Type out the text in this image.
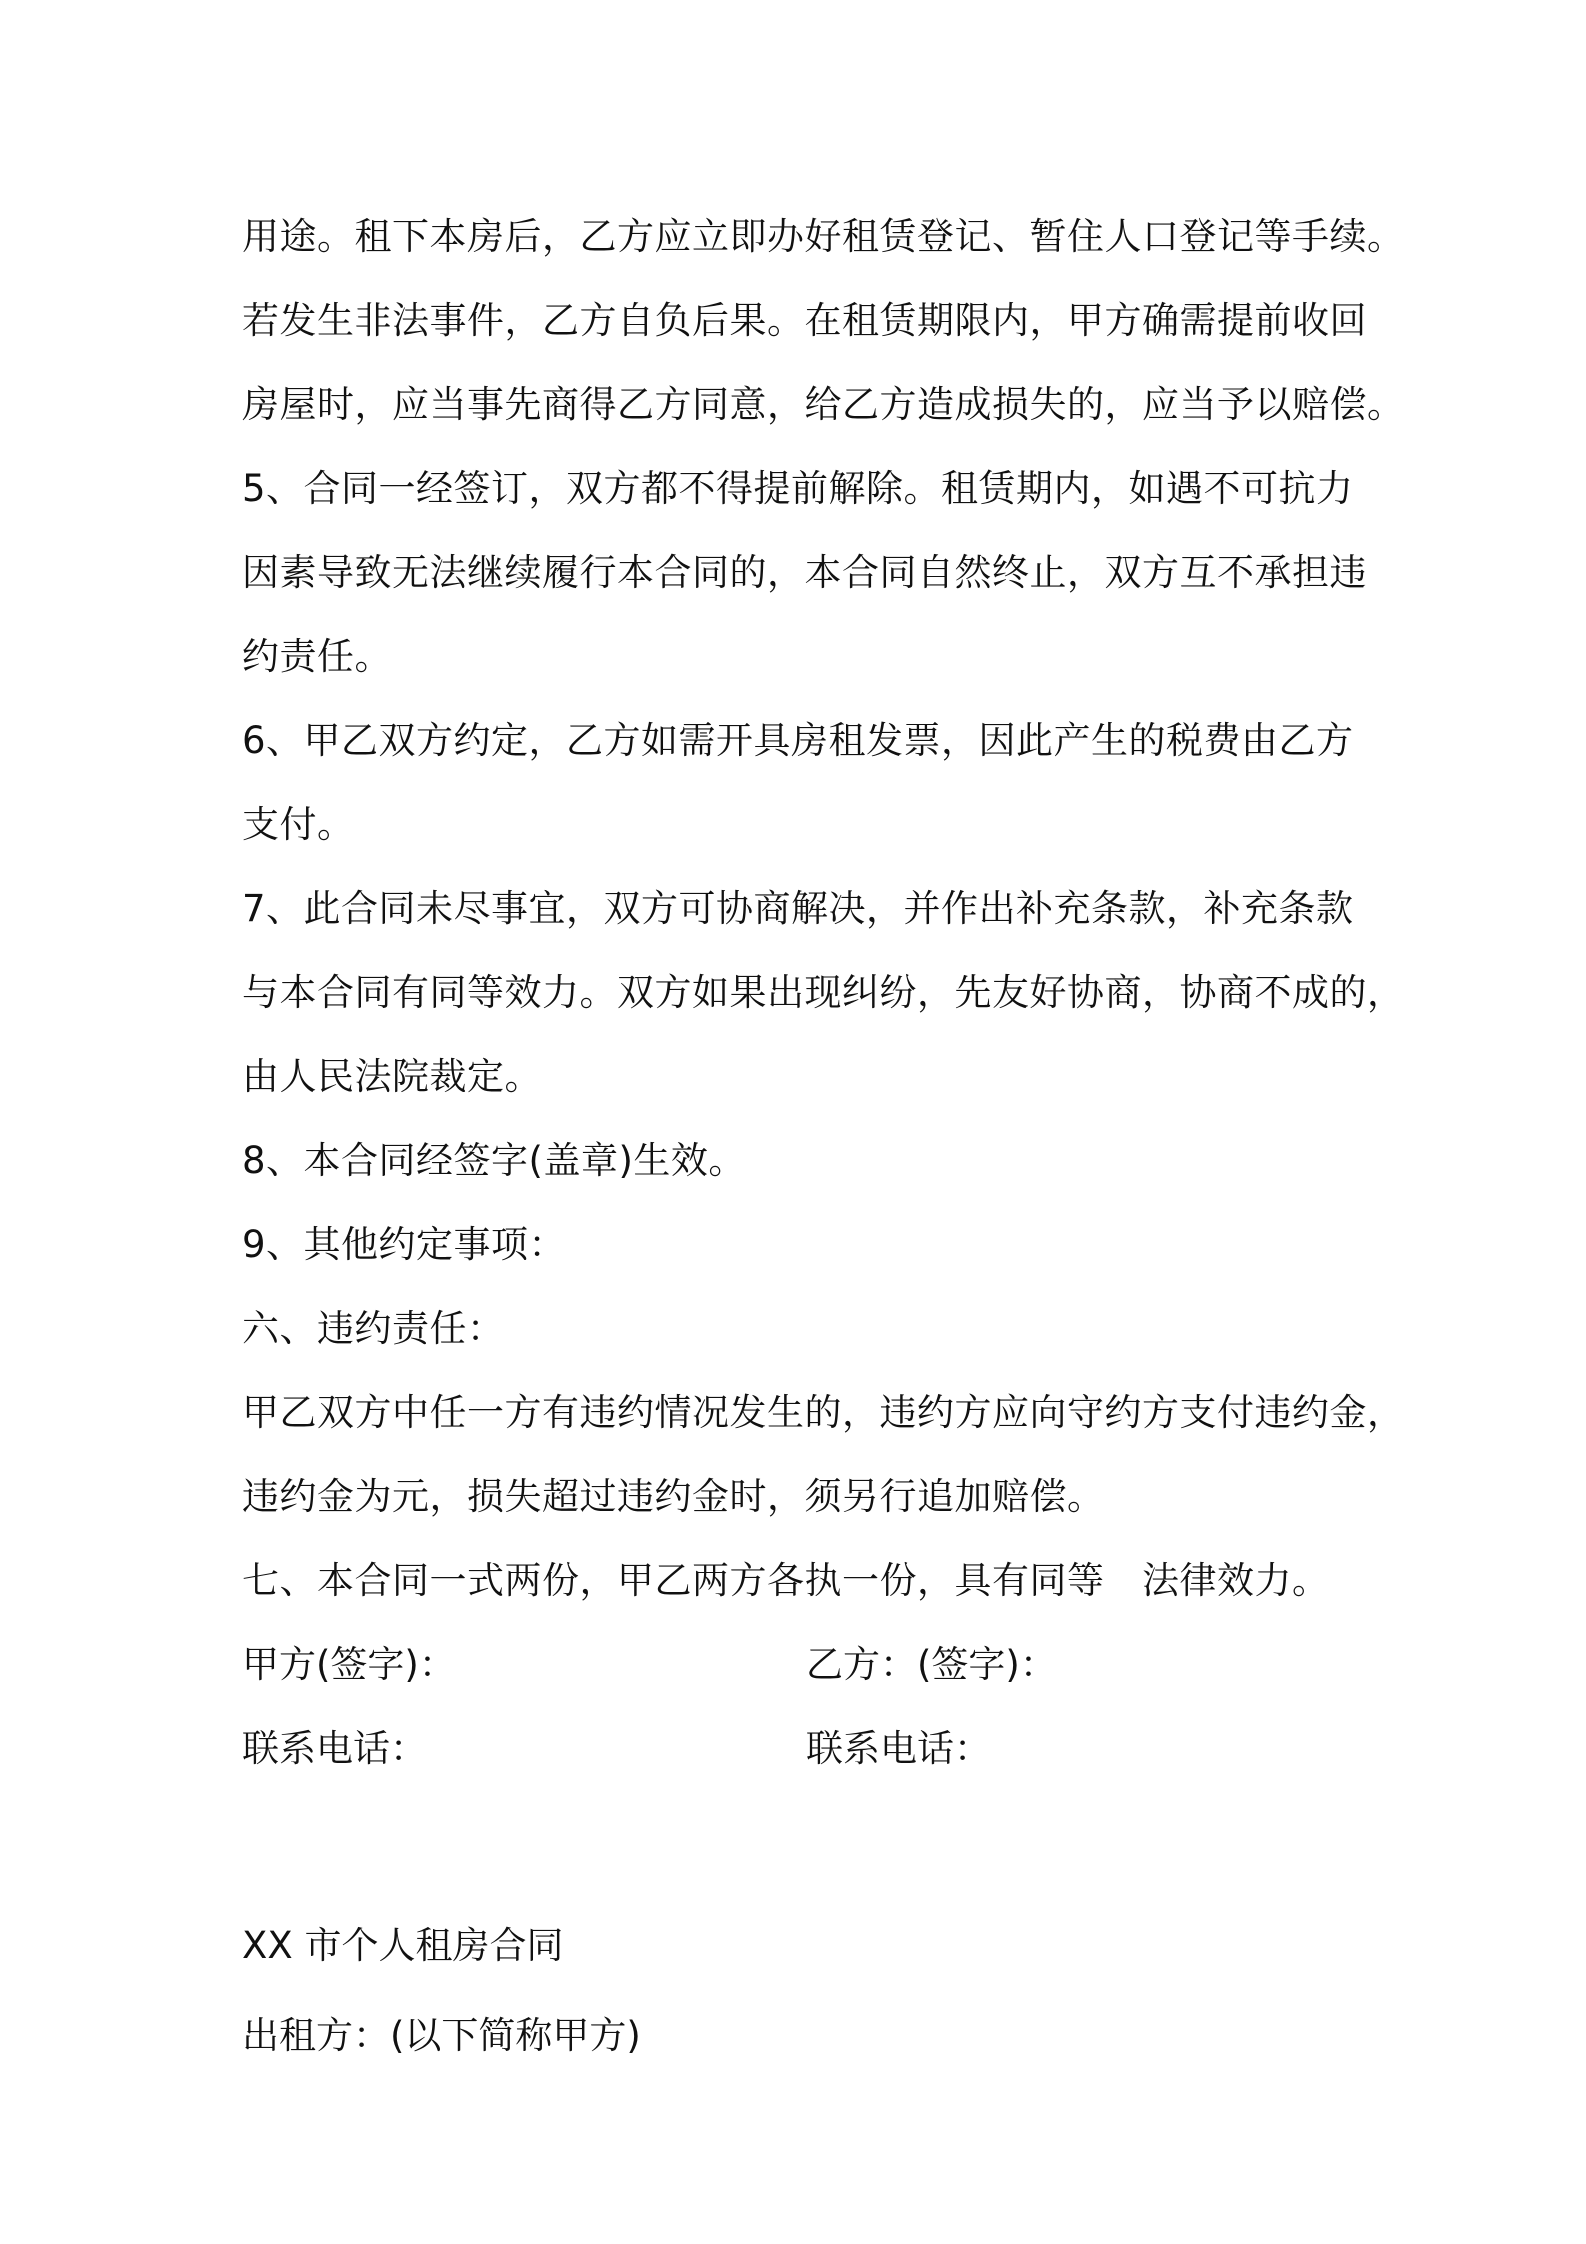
用途。租下本房后，乙方应立即办好租赁登记、暂住人口登记等手续。
若发生非法事件，乙方自负后果。在租赁期限内，甲方确需提前收回
房屋时，应当事先商得乙方同意，给乙方造成损失的，应当予以赔偿。
5、合同一经签订，双方都不得提前解除。租赁期内，如遇不可抗力
因素导致无法继续履行本合同的，本合同自然终止，双方互不承担违
约责任。
6、甲乙双方约定，乙方如需开具房租发票，因此产生的税费由乙方
支付。
7、此合同未尽事宜，双方可协商解决，并作出补充条款，补充条款
与本合同有同等效力。双方如果出现纠纷，先友好协商，协商不成的，
由人民法院裁定。
8、本合同经签字(盖章)生效。
9、其他约定事项：
六、违约责任：
甲乙双方中任一方有违约情况发生的，违约方应向守约方支付违约金，
违约金为元，损失超过违约金时，须另行追加赔偿。
七、本合同一式两份，甲乙两方各执一份，具有同等　法律效力。
甲方(签字)：	乙方：(签字)：
联系电话：	联系电话：
XX 市个人租房合同
出租方：(以下简称甲方)
